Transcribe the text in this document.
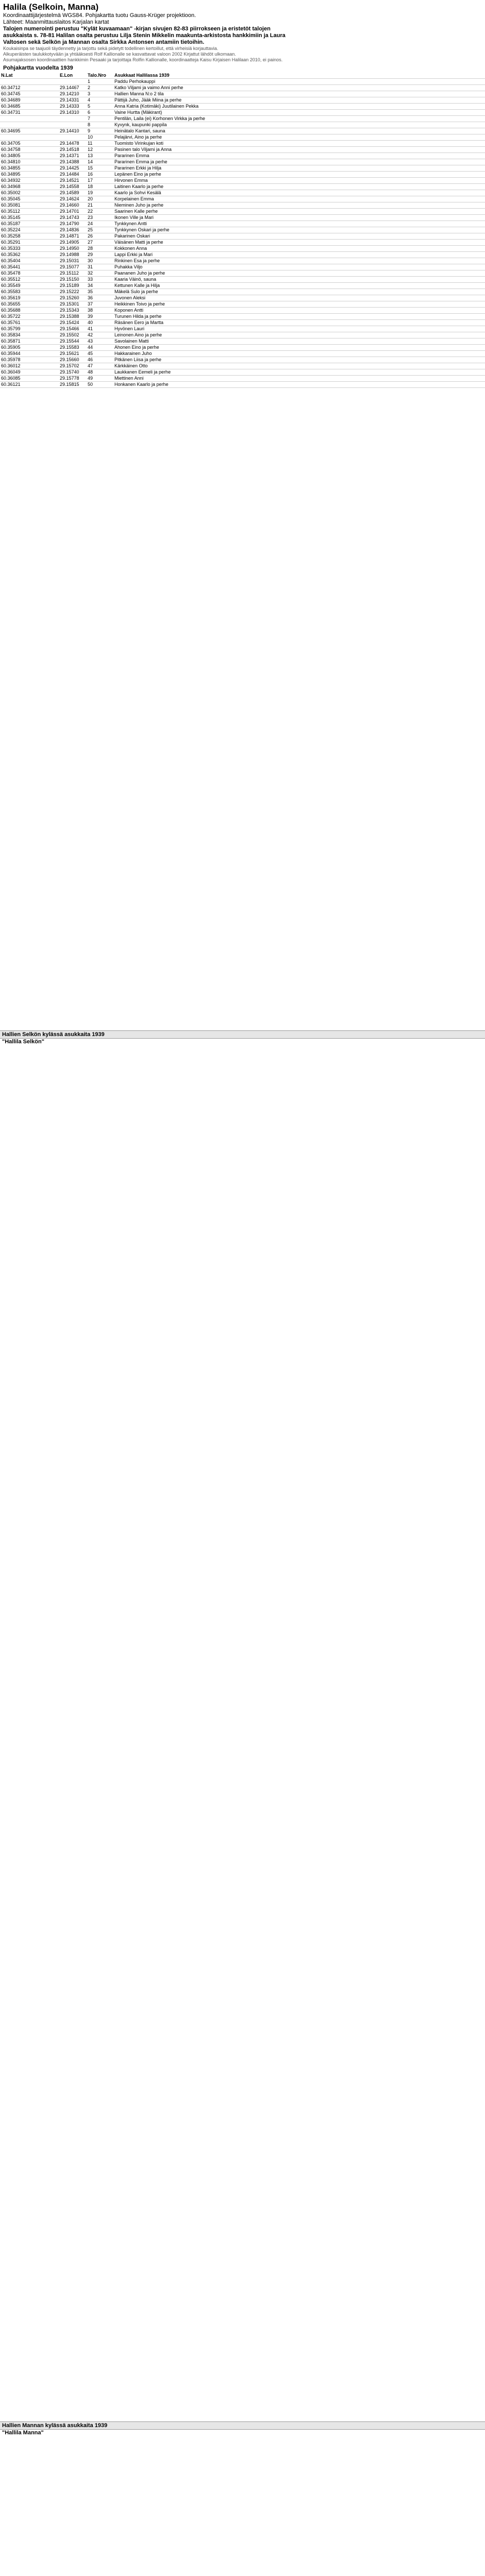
Halila (Selkoin, Manna)
Koordinaattijärjestelmä WGS84. Pohjakartta tuotu Gauss-Krüger projektioon.
Lähteet: Maanmittauslaitos Karjalan kartat
Talojen numerointi perustuu "Kylät kuvaamaan" -kirjan sivujen 82-83 piirrokseen ja eristetöt talojen
asukkaista s. 78-81 Halilan osalta perustuu Lilja Stenin Mikkelin maakunta-arkistosta hankkimiin ja Laura
Valtosen sekä Selkön ja Mannan osalta Sirkka Antonsen antamiin tietoihin.
Koukaisinpa se taajuoli täydennetty ja tarjottu sekä pidetytt todellinen kertoillut, että virheisiä korjauttavia.
Alkuperäisten taulukkotyvään ja yhtääksesti Rolf Kallionalle se kasvattavat valoon 2002 Kirjattut lähdöt ulkomaan.
Asumajaksosen koordinaattien hankkimin Pesaaki ja tarjoittaja Rolfin Kallionalle, koordinaatteja Kaisu Kirjaisen Halilaan 2010, ei painos.
Pohjakartta vuodelta 1939
N.Lat	E.Lon	Talo.Nro	Asukkaat Hallilassa 1939
		1	Paddu Perhokauppi
60.34712	29.14467	2	Katko Viljami ja vaimo Anni perhe
60.34745	29.14210	3	Hallien Manna N:o 2 tila
60.34689	29.14331	4	Pättijä Juho, Jääk Miina ja perhe
60.34685	29.14333	5	Anna Katria (Kotimäki) Juutilainen Pekka
60.34731	29.14310	6	Vaine Hurtta (Mäkirant)
		7	Pentilän, Laila (ei) Korhonen Virkka ja perhe
		8	Kyvynk, kaupunki pappila
60.34695	29.14410	9	Heinätalo Kantari, sauna
		10	Pelajärvi, Aino ja perhe
60.34705	29.14478	11	Tuomisto Virinkujan koti
60.34758	29.14518	12	Pasinen talo Viljami ja Anna
60.34805	29.14371	13	Pararinen Emma
60.34810	29.14388	14	Pararinen Emma ja perhe
60.34855	29.14425	15	Pararinen Erkki ja Hilja
60.34895	29.14484	16	Lepänen Eino ja perhe
60.34932	29.14521	17	Hirvonen Emma
60.34968	29.14558	18	Laitinen Kaarlo ja perhe
60.35002	29.14589	19	Kaarlo ja Sohvi Kesälä
60.35045	29.14624	20	Korpelainen Emma
60.35081	29.14660	21	Nieminen Juho ja perhe
60.35112	29.14701	22	Saarinen Kalle perhe
60.35145	29.14743	23	Ikonen Ville ja Mari
60.35187	29.14790	24	Tynkkynen Antti
60.35224	29.14836	25	Tynkkynen Oskari ja perhe
60.35258	29.14871	26	Pakarinen Oskari
60.35291	29.14905	27	Väisänen Matti ja perhe
60.35333	29.14950	28	Kokkonen Anna
60.35362	29.14988	29	Lappi Erkki ja Mari
60.35404	29.15031	30	Rinkinen Esa ja perhe
60.35441	29.15077	31	Puhakka Viljo
60.35478	29.15112	32	Paananen Juho ja perhe
60.35512	29.15150	33	Kaaria Väinö, sauna
60.35549	29.15189	34	Kettunen Kalle ja Hilja
60.35583	29.15222	35	Mäkelä Sulo ja perhe
60.35619	29.15260	36	Juvonen Aleksi
60.35655	29.15301	37	Heikkinen Toivo ja perhe
60.35688	29.15343	38	Koponen Antti
60.35722	29.15388	39	Turunen Hilda ja perhe
60.35761	29.15424	40	Räsänen Eero ja Martta
60.35799	29.15466	41	Hyvönen Lauri
60.35834	29.15502	42	Leinonen Aino ja perhe
60.35871	29.15544	43	Savolainen Matti
60.35905	29.15583	44	Ahonen Eino ja perhe
60.35944	29.15621	45	Hakkarainen Juho
60.35978	29.15660	46	Pitkänen Liisa ja perhe
60.36012	29.15702	47	Kärkkäinen Otto
60.36049	29.15740	48	Laukkanen Eemeli ja perhe
60.36085	29.15778	49	Miettinen Anni
60.36121	29.15815	50	Honkanen Kaarlo ja perhe
Hallien Selkön kylässä asukkaita 1939
"Hallila Selkön"
Hallien Mannan kylässä asukkaita 1939
"Hallila Manna"
